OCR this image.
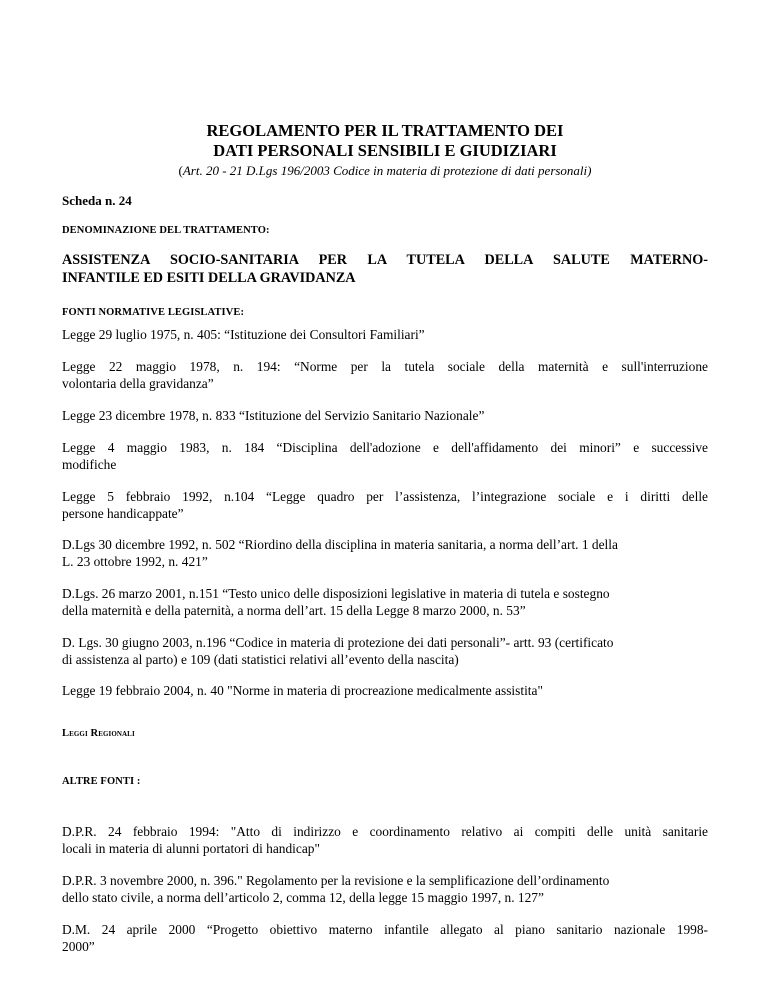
REGOLAMENTO PER IL TRATTAMENTO DEI
DATI PERSONALI SENSIBILI E GIUDIZIARI
(Art. 20 - 21 D.Lgs 196/2003 Codice in materia di protezione di dati personali)
Scheda n. 24
DENOMINAZIONE DEL TRATTAMENTO:
ASSISTENZA SOCIO-SANITARIA PER LA TUTELA DELLA SALUTE MATERNO-
INFANTILE ED ESITI DELLA GRAVIDANZA
FONTI NORMATIVE LEGISLATIVE:
Legge 29 luglio 1975, n. 405: “Istituzione dei Consultori Familiari”
Legge 22 maggio 1978, n. 194: “Norme per la tutela sociale della maternità e sull'interruzione
volontaria della gravidanza”
Legge 23 dicembre 1978, n. 833 “Istituzione del Servizio Sanitario Nazionale”
Legge 4 maggio 1983, n. 184 “Disciplina dell'adozione e dell'affidamento dei minori” e successive
modifiche
Legge 5 febbraio 1992, n.104 “Legge quadro per l’assistenza, l’integrazione sociale e i diritti delle
persone handicappate”
D.Lgs 30 dicembre 1992, n. 502 “Riordino della disciplina in materia sanitaria, a norma dell’art. 1 della
L. 23 ottobre 1992, n. 421”
D.Lgs. 26 marzo 2001, n.151 “Testo unico delle disposizioni legislative in materia di tutela e sostegno
della maternità e della paternità, a norma dell’art. 15 della Legge 8 marzo 2000, n. 53”
D. Lgs. 30 giugno 2003, n.196 “Codice in materia di protezione dei dati personali”- artt. 93 (certificato
di assistenza al parto) e 109 (dati statistici relativi all’evento della nascita)
Legge 19 febbraio 2004, n. 40 "Norme in materia di procreazione medicalmente assistita"
Leggi Regionali
ALTRE FONTI :
D.P.R. 24 febbraio 1994: "Atto di indirizzo e coordinamento relativo ai compiti delle unità sanitarie
locali in materia di alunni portatori di handicap"
D.P.R. 3 novembre 2000, n. 396." Regolamento per la revisione e la semplificazione dell’ordinamento
dello stato civile, a norma dell’articolo 2, comma 12, della legge 15 maggio 1997, n. 127”
D.M. 24 aprile 2000 “Progetto obiettivo materno infantile allegato al piano sanitario nazionale 1998-
2000”
